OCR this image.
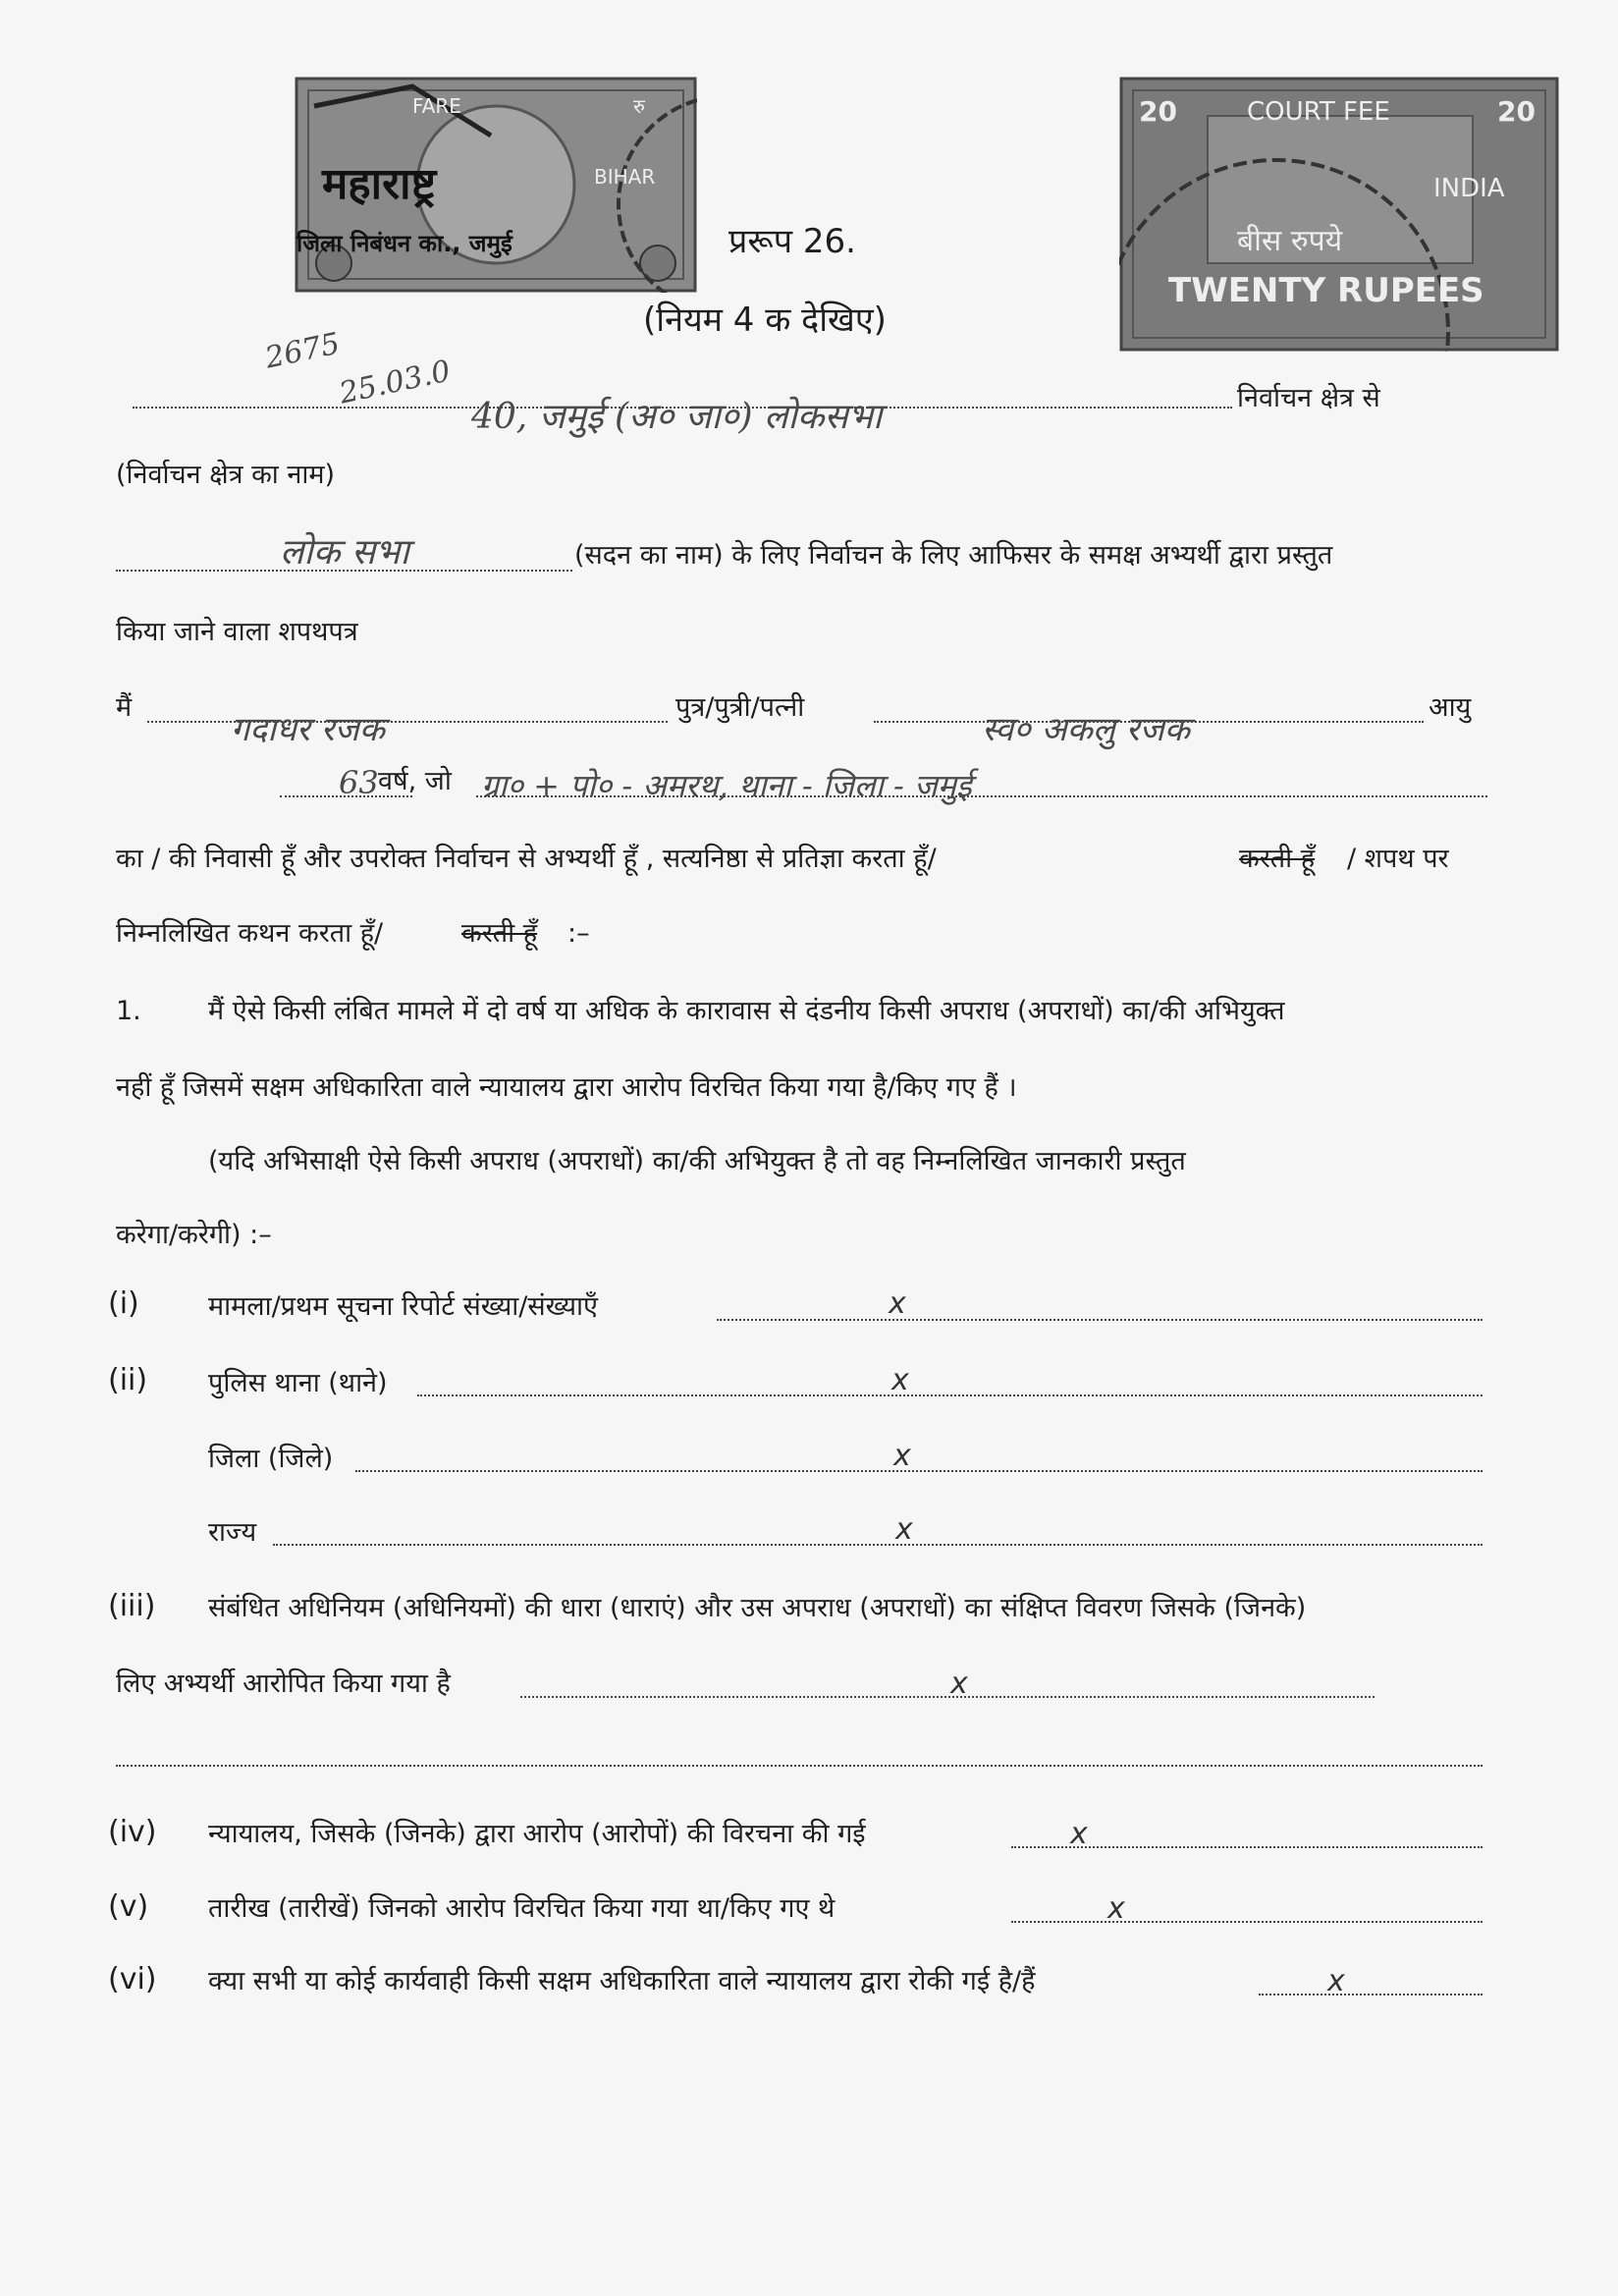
FARE	रु
BIHAR
महाराष्ट्र
जिला निबंधन का., जमुई
2675
25.03.0
20	20
COURT FEE
INDIA
बीस रुपये
TWENTY RUPEES
प्ररूप 26.
(नियम 4 क देखिए)
40, जमुई (अ० जा०) लोकसभा	निर्वाचन क्षेत्र से
(निर्वाचन क्षेत्र का नाम)
लोक सभा	(सदन का नाम) के लिए निर्वाचन के लिए आफिसर के समक्ष अभ्यर्थी द्वारा प्रस्तुत
किया जाने वाला शपथपत्र
मैं
गदाधर रजक
पुत्र/पुत्री/पत्नी
स्व० अकलु रजक
आयु
63 वर्ष, जो ग्रा० + पो० - अमरथ, थाना - जिला - जमुई
का / की निवासी हूँ और उपरोक्त निर्वाचन से अभ्यर्थी हूँ , सत्यनिष्ठा से प्रतिज्ञा करता हूँ/	करती हूँ / शपथ पर
निम्नलिखित कथन करता हूँ/	करती हूँ :–
1.	मैं ऐसे किसी लंबित मामले में दो वर्ष या अधिक के कारावास से दंडनीय किसी अपराध (अपराधों) का/की अभियुक्त
नहीं हूँ जिसमें सक्षम अधिकारिता वाले न्यायालय द्वारा आरोप विरचित किया गया है/किए गए हैं ।
(यदि अभिसाक्षी ऐसे किसी अपराध (अपराधों) का/की अभियुक्त है तो वह निम्नलिखित जानकारी प्रस्तुत
करेगा/करेगी) :–
(i)	मामला/प्रथम सूचना रिपोर्ट संख्या/संख्याएँ	x
(ii) पुलिस थाना (थाने)	x
जिला (जिले)	x
राज्य	x
(iii) संबंधित अधिनियम (अधिनियमों) की धारा (धाराएं) और उस अपराध (अपराधों) का संक्षिप्त विवरण जिसके (जिनके)
लिए अभ्यर्थी आरोपित किया गया है	x
(iv) न्यायालय, जिसके (जिनके) द्वारा आरोप (आरोपों) की विरचना की गई	x
(v) तारीख (तारीखें) जिनको आरोप विरचित किया गया था/किए गए थे	x
(vi) क्या सभी या कोई कार्यवाही किसी सक्षम अधिकारिता वाले न्यायालय द्वारा रोकी गई है/हैं	x
